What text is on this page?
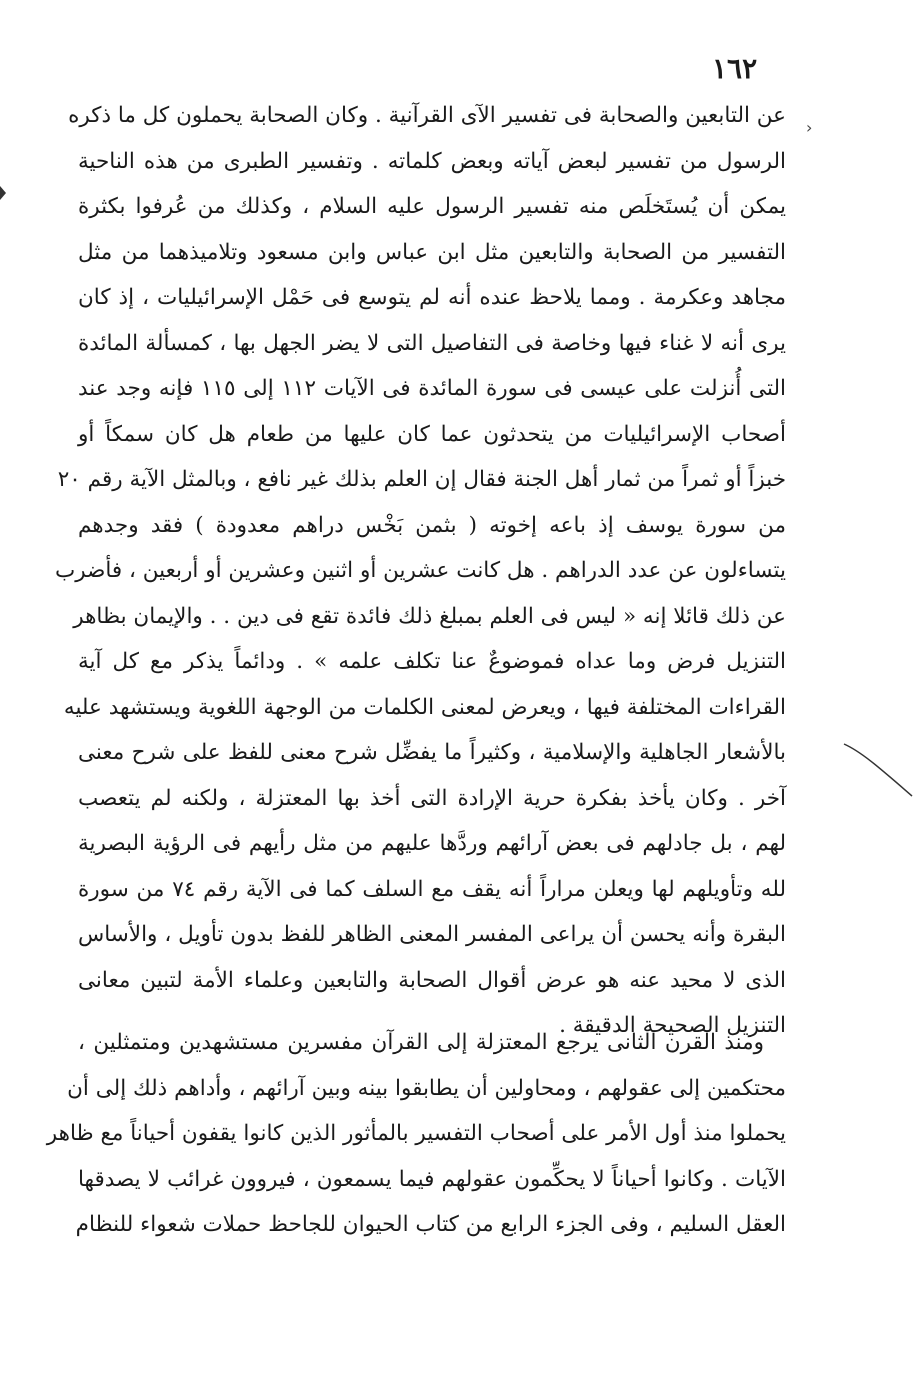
١٦٢
›
عن التابعين والصحابة فى تفسير الآى القرآنية . وكان الصحابة يحملون كل ما ذكره
الرسول من تفسير لبعض آياته وبعض كلماته . وتفسير الطبرى من هذه الناحية
يمكن أن يُستَخلَص منه تفسير الرسول عليه السلام ، وكذلك من عُرفوا بكثرة
التفسير من الصحابة والتابعين مثل ابن عباس وابن مسعود وتلاميذهما من مثل
مجاهد وعكرمة . ومما يلاحظ عنده أنه لم يتوسع فى حَمْل الإسرائيليات ، إذ كان
يرى أنه لا غناء فيها وخاصة فى التفاصيل التى لا يضر الجهل بها ، كمسألة المائدة
التى أُنزلت على عيسى فى سورة المائدة فى الآيات ١١٢ إلى ١١٥ فإنه وجد عند
أصحاب الإسرائيليات من يتحدثون عما كان عليها من طعام هل كان سمكاً أو
خبزاً أو ثمراً من ثمار أهل الجنة فقال إن العلم بذلك غير نافع ، وبالمثل الآية رقم ٢٠
من سورة يوسف إذ باعه إخوته ( بثمن بَخْس دراهم معدودة ) فقد وجدهم
يتساءلون عن عدد الدراهم . هل كانت عشرين أو اثنين وعشرين أو أربعين ، فأضرب
عن ذلك قائلا إنه « ليس فى العلم بمبلغ ذلك فائدة تقع فى دين . . والإيمان بظاهر
التنزيل فرض وما عداه فموضوعٌ عنا تكلف علمه » . ودائماً يذكر مع كل آية
القراءات المختلفة فيها ، ويعرض لمعنى الكلمات من الوجهة اللغوية ويستشهد عليه
بالأشعار الجاهلية والإسلامية ، وكثيراً ما يفضِّل شرح معنى للفظ على شرح معنى
آخر . وكان يأخذ بفكرة حرية الإرادة التى أخذ بها المعتزلة ، ولكنه لم يتعصب
لهم ، بل جادلهم فى بعض آرائهم وردَّها عليهم من مثل رأيهم فى الرؤية البصرية
لله وتأويلهم لها ويعلن مراراً أنه يقف مع السلف كما فى الآية رقم ٧٤ من سورة
البقرة وأنه يحسن أن يراعى المفسر المعنى الظاهر للفظ بدون تأويل ، والأساس
الذى لا محيد عنه هو عرض أقوال الصحابة والتابعين وعلماء الأمة لتبين معانى
التنزيل الصحيحة الدقيقة .
ومنذ القرن الثانى يرجع المعتزلة إلى القرآن مفسرين مستشهدين ومتمثلين ،
محتكمين إلى عقولهم ، ومحاولين أن يطابقوا بينه وبين آرائهم ، وأداهم ذلك إلى أن
يحملوا منذ أول الأمر على أصحاب التفسير بالمأثور الذين كانوا يقفون أحياناً مع ظاهر
الآيات . وكانوا أحياناً لا يحكِّمون عقولهم فيما يسمعون ، فيروون غرائب لا يصدقها
العقل السليم ، وفى الجزء الرابع من كتاب الحيوان للجاحظ حملات شعواء للنظام
